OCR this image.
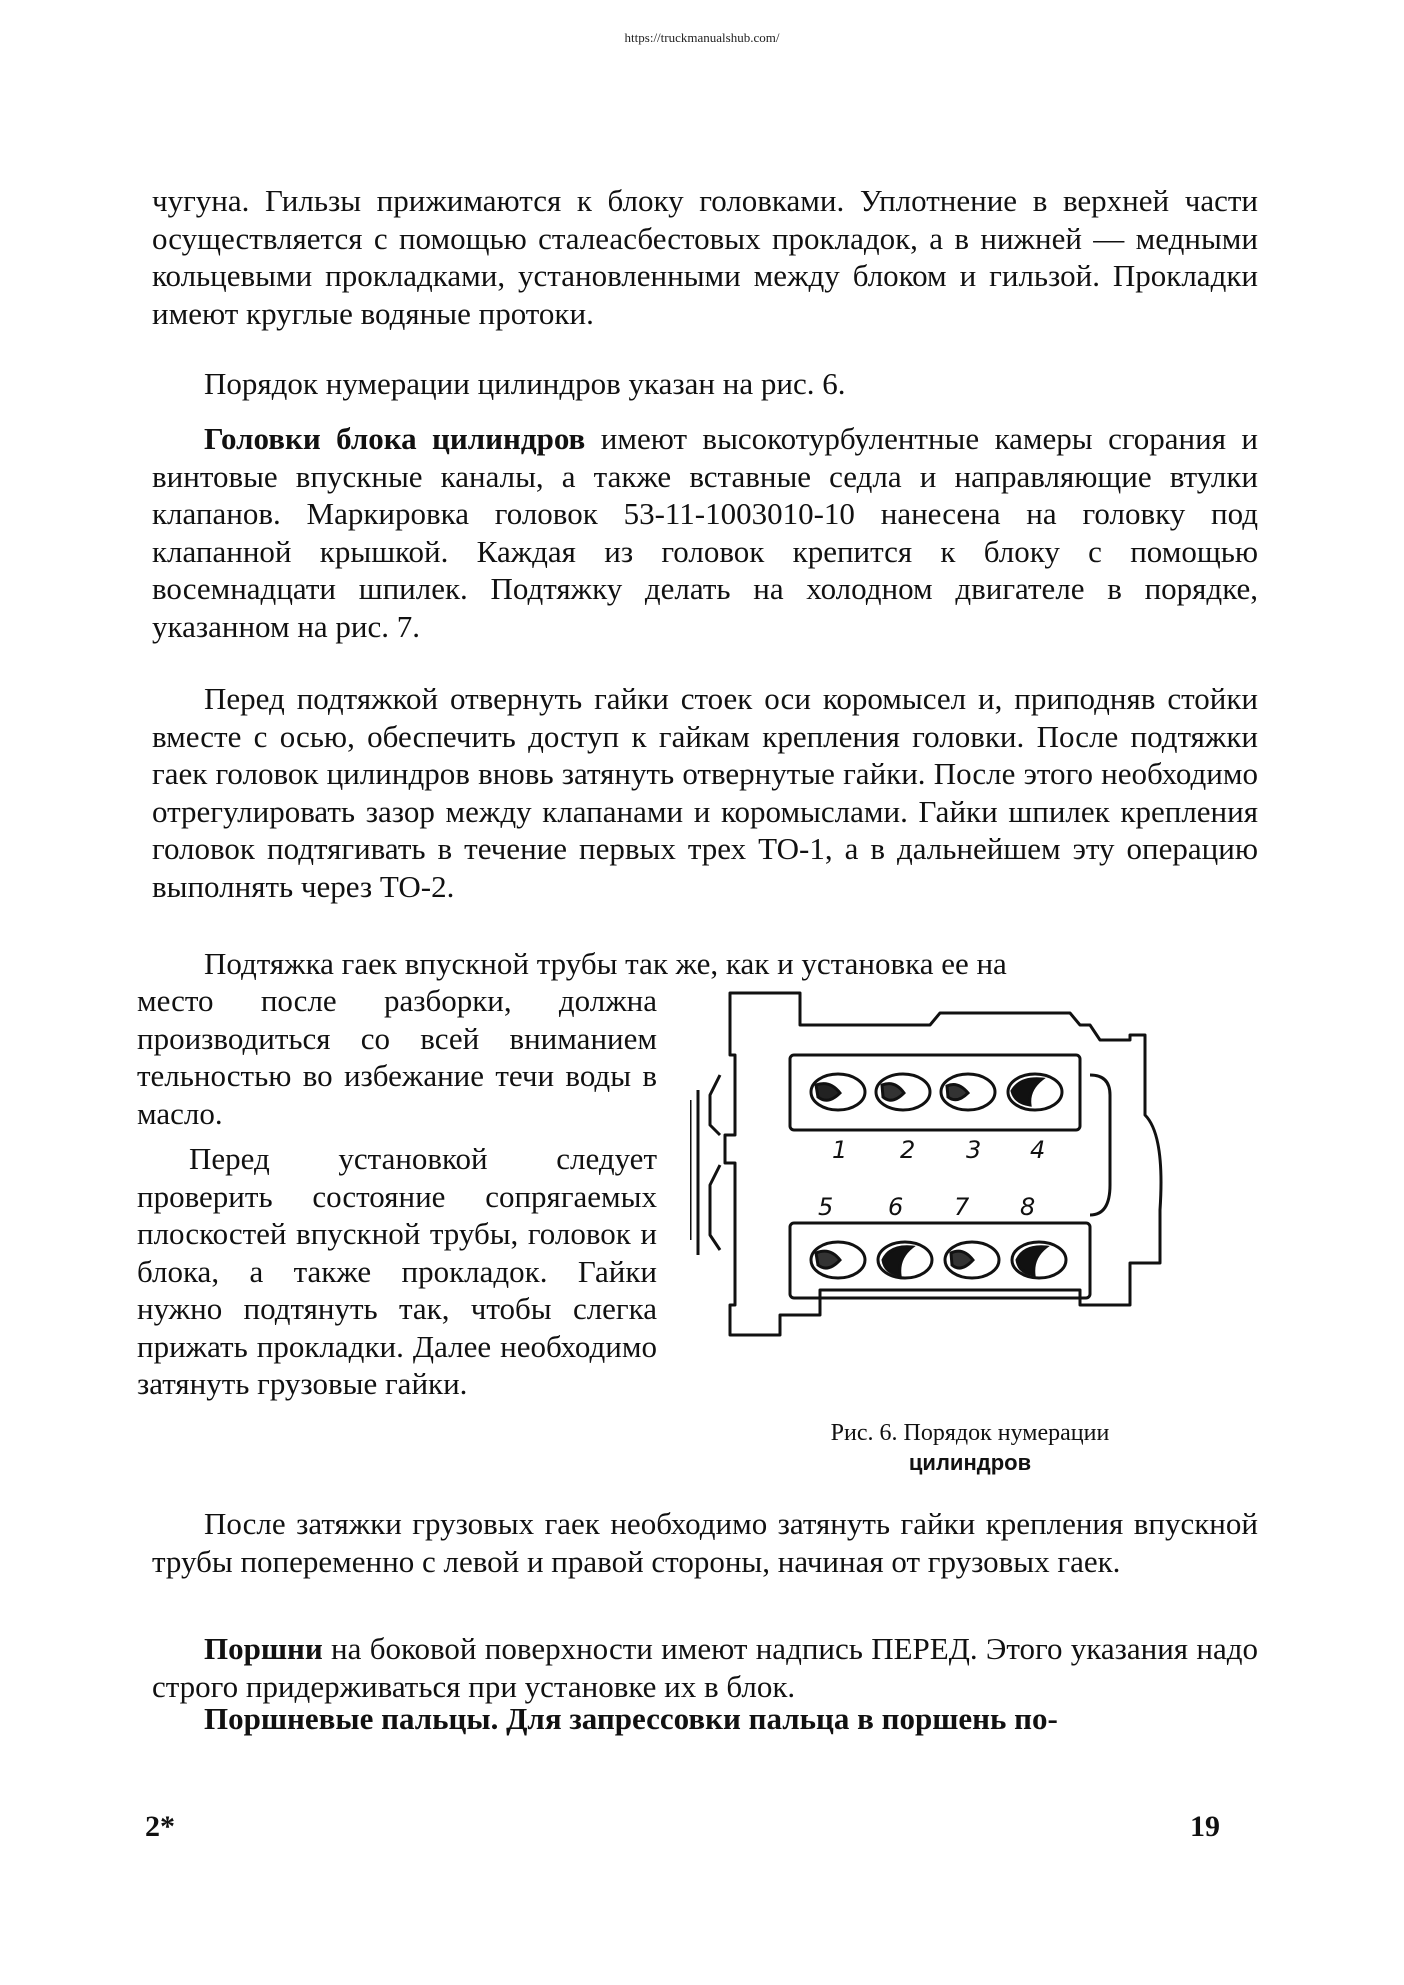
https://truckmanualshub.com/

чугуна. Гильзы прижимаются к блоку головками. Уплотнение в верхней части осуществляется с помощью сталеасбестовых прокладок, а в нижней — медными кольцевыми прокладками, установленными между блоком и гильзой. Прокладки имеют круглые водяные протоки.

Порядок нумерации цилиндров указан на рис. 6.

Головки блока цилиндров имеют высокотурбулентные камеры сгорания и винтовые впускные каналы, а также вставные седла и направляющие втулки клапанов. Маркировка головок 53-11-1003010-10 нанесена на головку под клапанной крышкой. Каждая из головок крепится к блоку с помощью восемнадцати шпилек. Подтяжку делать на холодном двигателе в порядке, указанном на рис. 7.

Перед подтяжкой отвернуть гайки стоек оси коромысел и, приподняв стойки вместе с осью, обеспечить доступ к гайкам крепления головки. После подтяжки гаек головок цилиндров вновь затянуть отвернутые гайки. После этого необходимо отрегулировать зазор между клапанами и коромыслами. Гайки шпилек крепления головок подтягивать в течение первых трех ТО-1, а в дальнейшем эту операцию выполнять через ТО-2.

Подтяжка гаек впускной трубы так же, как и установка ее на

место после разборки, должна производиться со всей вниманием тельностью во избежание течи воды в масло.

Перед установкой следует проверить состояние сопрягаемых плоскостей впускной трубы, головок и блока, а также прокладок. Гайки нужно подтянуть так, чтобы слегка прижать прокладки. Далее необходимо затянуть грузовые гайки.

1 2 3 4
5 6 7 8
Рис. 6. Порядок нумерации
цилиндров

После затяжки грузовых гаек необходимо затянуть гайки крепления впускной трубы попеременно с левой и правой стороны, начиная от грузовых гаек.

Поршни на боковой поверхности имеют надпись ПЕРЕД. Этого указания надо строго придерживаться при установке их в блок.

Поршневые пальцы. Для запрессовки пальца в поршень по-

2*	19
